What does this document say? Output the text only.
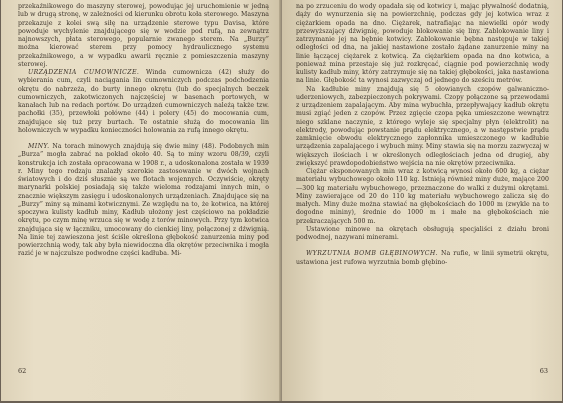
przekaźnikowego do maszyny sterowej, powodując jej uruchomienie w jedną lub w drugą stronę, w zależności od kierunku obrotu koła sterowego. Maszyna przekazuje z kolei swą siłę na urządzenie sterowe typu Davisa, które powoduje wychylenie znajdującego się w wodzie pod rufą, na zewnątrz najnowszych, płata sterowego, popularnie zwanego sterem. Na „Burzy” można kierować sterem przy pomocy hydraulicznego systemu przekaźnikowego, a w wypadku awarii ręcznie z pomieszczenia maszyny sterowej.

URZĄDZENIA CUMOWNICZE. Winda cumownicza (42) służy do wybierania cum, czyli naciągania lin cumowniczych podczas podchodzenia okrętu do nabrzeża, do burty innego okrętu (lub do specjalnych beczek cumowniczych, zakotwiczonych najczęściej w basenach portowych, w kanałach lub na redach portów. Do urządzeń cumowniczych należą także tzw. pachołki (35), przewłoki połówne (44) i polery (45) do mocowania cum, znajdujące się tuż przy burtach. Te ostatnie służą do mocowania lin holowniczych w wypadku konieczności holowania za rufą innego okrętu.

MINY. Na torach minowych znajdują się dwie miny (48). Podobnych min „Burza” mogła zabrać na pokład około 40. Są to miny wzoru 08/39, czyli konstrukcja ich została opracowana w 1908 r., a udoskonalona została w 1939 r. Miny tego rodzaju znalazły szerokie zastosowanie w dwóch wojnach światowych i do dziś słusznie są we flotach wojennych. Oczywiście, okręty marynarki polskiej posiadają się także wieloma rodzajami innych min, o znacznie większym zasięgu i udoskonalonych urządzeniach. Znajdujące się na „Burzy” miny są minami kotwicznymi. Ze względu na to, że kotwica, na której spoczywa kulisty kadłub miny, Kadłub ułożony jest częściowo na pokładzie okrętu, po czym minę wrzuca się w wodę z torów minowych. Przy tym kotwica znajdująca się w łączniku, umocowany do cienkiej liny, połączonej z dźwignią. Na linie tej zawieszona jest ściśle określona głębokość zanurzenia miny pod powierzchnią wody, tak aby była niewidoczna dla okrętów przeciwnika i mogła razić je w najczulsze podwodne części kadłuba. Mi-

62

na po zrzuceniu do wody opadała się od kotwicy i, mając pływalność dodatnią, dąży do wynurzenia się na powierzchnię, podczas gdy jej kotwica wraz z ciężarkiem opada na dno. Ciężarek, natrafiając na niewielki opór wody przewyższający dźwignię, powoduje blokowanie się liny. Zablokowanie liny i zatrzymanie jej na bębnie kotwicy. Zablokowanie bębna następuje w takiej odległości od dna, na jakiej nastawione zostało żądane zanurzenie miny na linie łączącej ciężarek z kotwicą. Za ciężarkiem opada na dno kotwica, a ponieważ mina przestaje się już rozkręcać, ciągnie pod powierzchnię wody kulisty kadłub miny, który zatrzymuje się na takiej głębokości, jaka nastawiona na linie. Głębokość ta wynosi zazwyczaj od jednego do sześciu metrów.

Na kadłubie miny znajdują się 5 ołowianych czopów galwaniczno-uderzeniowych, zabezpieczonych pokrywami. Czopy połączone są przewodami z urządzeniem zapalającym. Aby mina wybuchła, przepływający kadłub okrętu musi zgiąć jeden z czopów. Przez zgięcie czopa pęka umieszczone wewnątrz niego szklane naczynie, z którego wyleje się specjalny płyn (elektrolit) na elektrody, powodując powstanie prądu elektrycznego, a w następstwie prądu zamknięcie obwodu elektrycznego zapłonnika umieszczonego w kadłubie urządzenia zapalającego i wybuch miny. Miny stawia się na morzu zazwyczaj w większych ilościach i w określonych odległościach jedna od drugiej, aby zwiększyć prawdopodobieństwo wejścia na nie okrętów przeciwnika.

Ciężar eksponowanych min wraz z kotwicą wynosi około 600 kg, a ciężar materiału wybuchowego około 110 kg. Istnieją również miny duże, mające 200—300 kg materiału wybuchowego, przeznaczone do walki z dużymi okrętami. Miny zawierające od 20 do 110 kg materiału wybuchowego zalicza się do małych. Miny duże można stawiać na głębokościach do 1000 m (zwykle na to dogodne mininy), średnie do 1000 m i małe na głębokościach nie przekraczających 500 m.

Ustawione minowe na okrętach obsługują specjaliści z działu broni podwodnej, nazywani minerami.

WYRZUTNIA BOMB GŁĘBINOWYCH. Na rufie, w linii symetrii okrętu, ustawiona jest rufowa wyrzutnia bomb głębino-

63
